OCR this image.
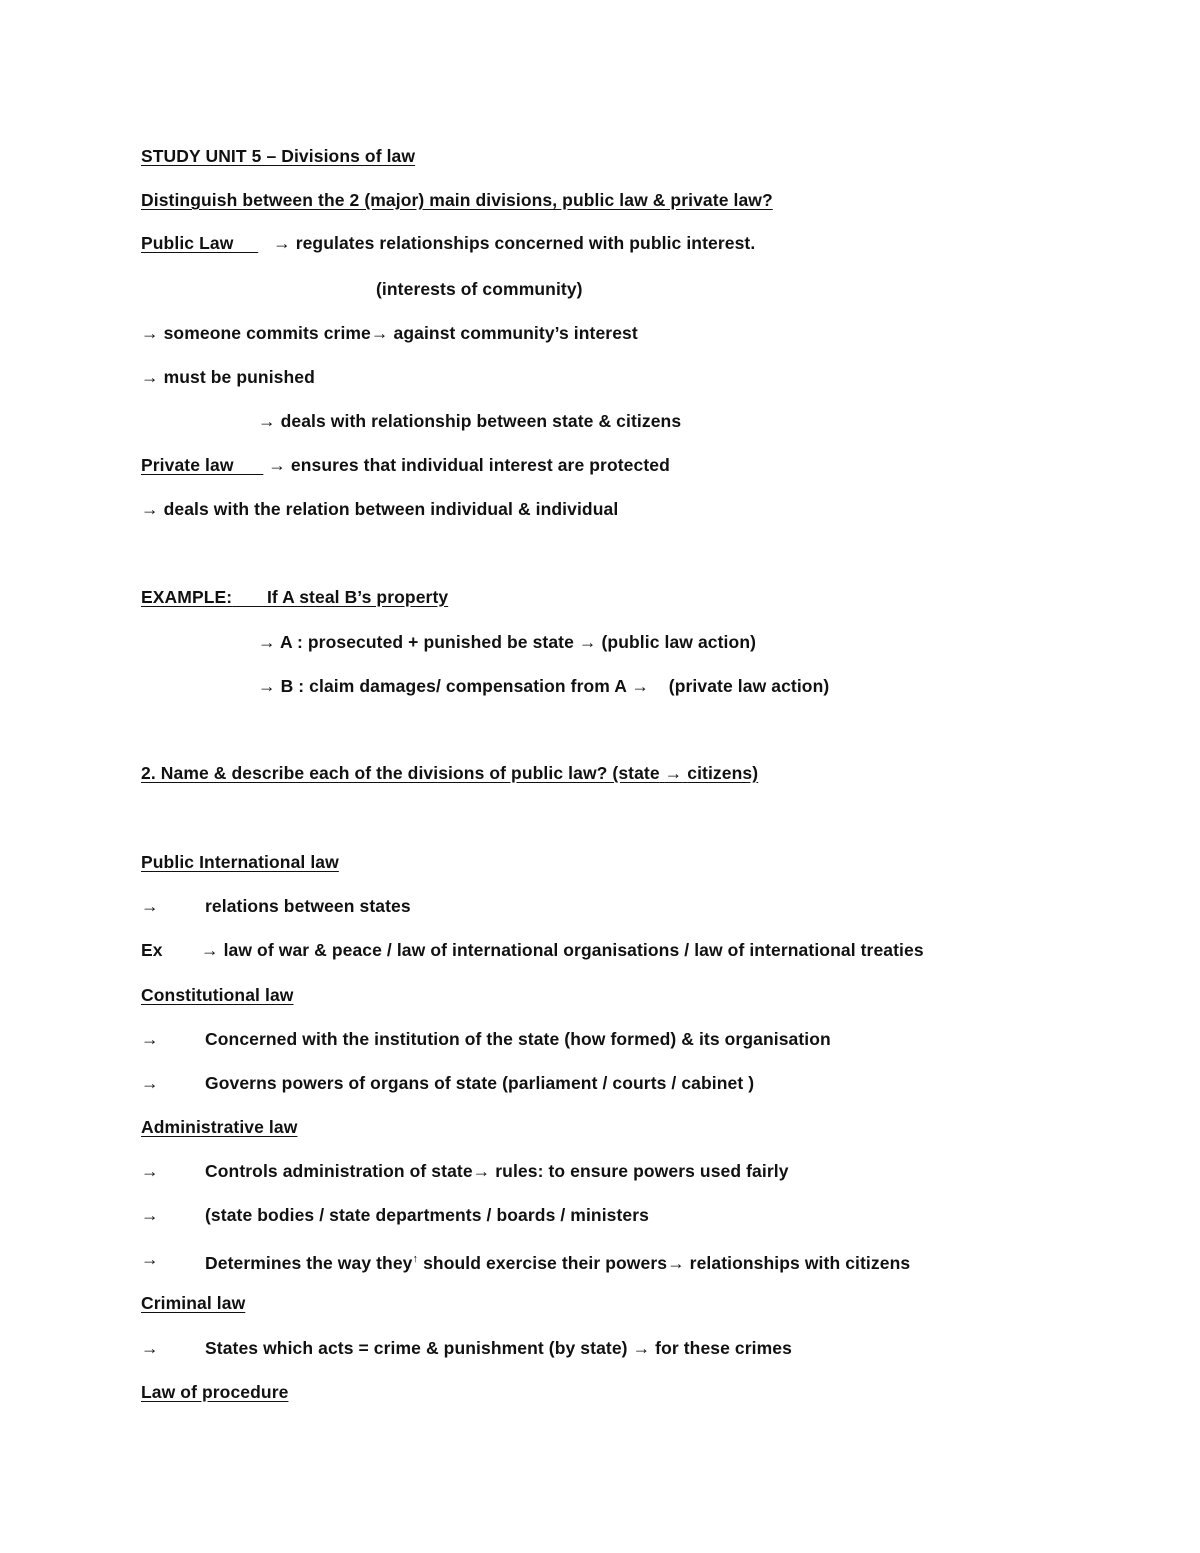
STUDY UNIT 5 – Divisions of law
Distinguish between the 2 (major) main divisions, public law & private law?
Public Law → regulates relationships concerned with public interest.
(interests of community)
→ someone commits crime→ against community’s interest
→ must be punished
→ deals with relationship between state & citizens
Private law → ensures that individual interest are protected
→ deals with the relation between individual & individual
EXAMPLE: If A steal B’s property
→ A : prosecuted + punished be state → (public law action)
→ B : claim damages/ compensation from A → (private law action)
2. Name & describe each of the divisions of public law? (state → citizens)
Public International law
→	relations between states
Ex → law of war & peace / law of international organisations / law of international treaties
Constitutional law
→	Concerned with the institution of the state (how formed) & its organisation
→	Governs powers of organs of state (parliament / courts / cabinet )
Administrative law
→	Controls administration of state→ rules: to ensure powers used fairly
→	(state bodies / state departments / boards / ministers
→	Determines the way they↑ should exercise their powers→ relationships with citizens
Criminal law
→	States which acts = crime & punishment (by state) → for these crimes
Law of procedure
